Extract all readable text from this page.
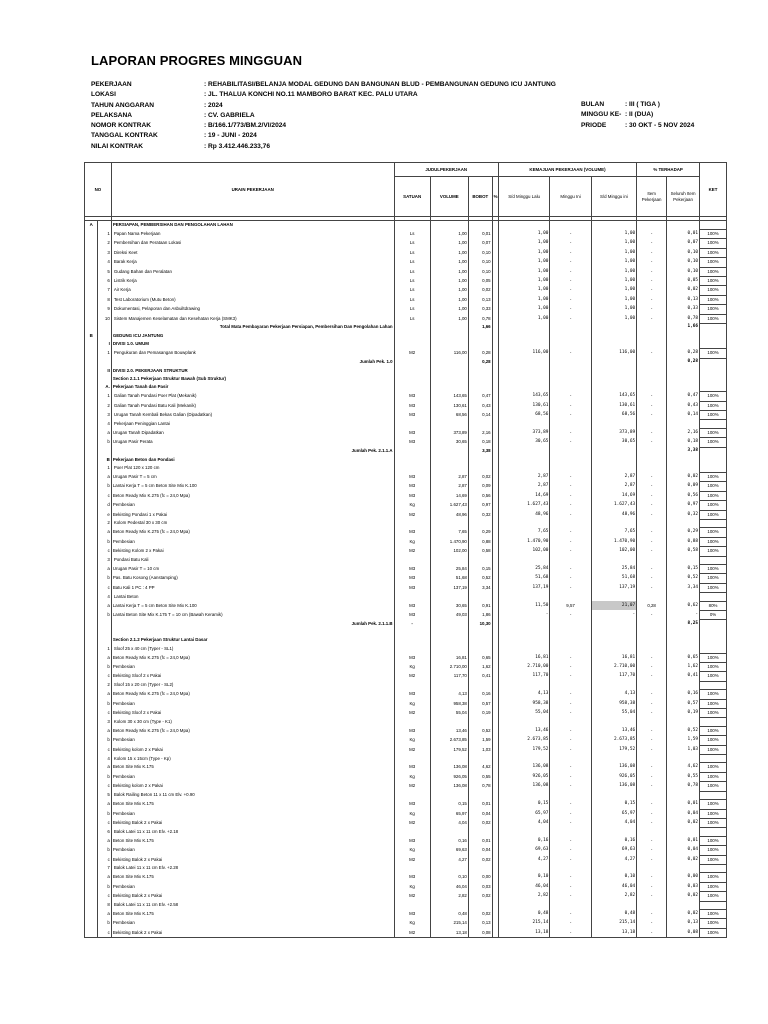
LAPORAN PROGRES MINGGUAN
PEKERJAAN	: REHABILITASI/BELANJA MODAL GEDUNG DAN BANGUNAN BLUD - PEMBANGUNAN GEDUNG ICU JANTUNG
LOKASI	: JL. THALUA KONCHI NO.11 MAMBORO BARAT KEC. PALU UTARA
TAHUN ANGGARAN	: 2024
PELAKSANA	: CV. GABRIELA
NOMOR KONTRAK	: B/166.1/773/BM.2/VI/2024
TANGGAL KONTRAK	: 19 - JUNI - 2024
NILAI KONTRAK	: Rp 3.412.446.233,76
BULAN	: III ( TIGA )
MINGGU KE- : II (DUA)
PRIODE	: 30 OKT - 5 NOV 2024
NO		URAIN PEKERJAAN	JUDULPEKERJAAN				KEMAJUAN PEKERJAAN (VOLUME)			% TERHADAP		KET
			SATUAN	VOLUME	BOBOT	%	S/d Minggu Lalu	Minggu Ini	S/d Minggu ini	Item Pekerjaan	Seluruh Item Pekerjaan	

A		PERSIAPAN, PEMBERSIHAN DAN PENGOLAHAN LAHAN										
	1	Papan Nama Pekerjaan	Ls	1,00	0,01		1,00	-	1,00	-	0,01	100%
	2	Pembersihan dan Perataan Lokasi	Ls	1,00	0,07		1,00	-	1,00	-	0,07	100%
	3	Direksi Keet	Ls	1,00	0,10		1,00	-	1,00	-	0,10	100%
	4	Barak Kerja	Ls	1,00	0,10		1,00	-	1,00	-	0,10	100%
	5	Gudang Bahan dan Peralatan	Ls	1,00	0,10		1,00	-	1,00	-	0,10	100%
	6	Listrik Kerja	Ls	1,00	0,05		1,00	-	1,00	-	0,05	100%
	7	Air Kerja	Ls	1,00	0,02		1,00	-	1,00	-	0,02	100%
	8	Test Laboratorium (Mutu Beton)	Ls	1,00	0,13		1,00	-	1,00	-	0,13	100%
	9	Dokumentasi, Pelaporan dan Asbuiltdrawing	Ls	1,00	0,33		1,00	-	1,00	-	0,33	100%
	10	Sistem Manajemen Keselamatan dan Kesehatan Kerja (SMK3)	Ls	1,00	0,78		1,00	-	1,00	-	0,78	100%
		Total Mata Pembayaran Pekerjaan Persiapan, Pembersihan Dan Pengolahan Lahan			1,66						1,66	
B		GEDUNG ICU JANTUNG										
	I	DIVISI 1.0. UMUM										
	1	Pengukuran dan Pemasangan Bouwplank	M2	116,00	0,28		116,00	-	116,00	-	0,28	100%
		Jumlah Pek. 1.0			0,28						0,28	
	II	DIVISI 2.0. PEKERJAAN STRUKTUR										
		Section 2.1.1 Pekerjaan Struktur Bawah (Sub Struktur)										
	A.	Pekerjaan Tanah dan Pasir										
	1	Galian Tanah Pondasi Poer Plat (Mekanik)	M3	143,65	0,47		143,65	-	143,65	-	0,47	100%
	2	Galian Tanah Pondasi Batu Kali (Mekanik)	M3	130,61	0,43		130,61	-	130,61	-	0,43	100%
	3	Urugan Tanah Kembali Bekas Galian (Dipadatkan)	M3	68,56	0,14		68,56	-	68,56	-	0,14	100%
	4	Pekerjaan Peninggian Lantai										
	a	Urugan Tanah Dipadatkan	M3	373,89	2,16		373,89	-	373,89	-	2,16	100%
	b	Urugan Pasir Perata	M3	30,65	0,18		30,65	-	30,65	-	0,18	100%
		Jumlah Pek. 2.1.1.A			3,38						3,38	
	B	Pekerjaan Beton dan Pondasi										
	1	Poer Plat 120 x 120 cm										
	a	Urugan Pasir T = 5 cm	M3	2,87	0,02		2,87	-	2,87	-	0,02	100%
	b	Lantai Kerja T = 5 cm Beton Site Mix K.100	M3	2,87	0,09		2,87	-	2,87	-	0,09	100%
	c	Beton Ready Mix K.275 (fc = 24,0 Mpa)	M3	14,69	0,56		14,69	-	14,69	-	0,56	100%
	d	Pembesian	Kg	1.627,43	0,97		1.627,43	-	1.627,43	-	0,97	100%
	e	Bekisting Pondasi 1 x Pakai	M2	48,96	0,32		48,96	-	48,96	-	0,32	100%
	2	Kolom Pedestal 30 x 30 cm										
	a	Beton Ready Mix K.275 (fc = 24,0 Mpa)	M3	7,65	0,29		7,65	-	7,65	-	0,29	100%
	b	Pembesian	Kg	1.470,90	0,88		1.470,90	-	1.470,90	-	0,88	100%
	c	Bekisting Kolom 2 x Pakai	M2	102,00	0,58		102,00	-	102,00	-	0,58	100%
	3	Pondasi Batu Kali										
	a	Urugan Pasir T = 10 cm	M3	25,84	0,15		25,84	-	25,84	-	0,15	100%
	b	Pas. Batu Kosong (Aanstamping)	M3	51,68	0,52		51,68	-	51,68	-	0,52	100%
	c	Batu Kali 1 PC : 4 PP	M3	137,19	3,34		137,19	-	137,19	-	3,34	100%
	4	Lantai Beton										
	a	Lantai Kerja T = 5 cm Beton Site Mix K.100	M3	30,65	0,91		11,50	9,57	21,07	0,28	0,62	80%
	b	Lantai Beton Site Mix K.175 T = 10 cm (Bawah Keramik)	M3	49,03	1,86		-	-	-	-	-	0%
		Jumlah Pek. 2.1.1.B	-		10,30						8,25	

		Section 2.1.2 Pekerjaan Struktur Lantai Dasar										
	1	Sloof 25 x 40 cm (Typer - SL1)										
	a	Beton Ready Mix K.275 (fc = 24,0 Mpa)	M3	16,81	0,65		16,81	-	16,81	-	0,65	100%
	b	Pembesian	Kg	2.710,00	1,62		2.710,00	-	2.710,00	-	1,62	100%
	c	Bekisting Sloof 2 x Pakai	M2	117,70	0,41		117,70	-	117,70	-	0,41	100%
	2	Sloof 15 x 20 cm (Typer - SL2)										
	a	Beton Ready Mix K.275 (fc = 24,0 Mpa)	M3	4,13	0,16		4,13	-	4,13	-	0,16	100%
	b	Pembesian	Kg	958,38	0,57		958,38	-	958,38	-	0,57	100%
	c	Bekisting Sloof 2 x Pakai	M2	55,04	0,19		55,04	-	55,04	-	0,19	100%
	3	Kolom 30 x 30 cm (Type - K1)										
	a	Beton Ready Mix K.275 (fc = 24,0 Mpa)	M3	13,46	0,52		13,46	-	13,46	-	0,52	100%
	b	Pembesian	Kg	2.673,85	1,59		2.673,85	-	2.673,85	-	1,59	100%
	c	Bekisting kolom 2 x Pakai	M2	179,52	1,03		179,52	-	179,52	-	1,03	100%
	4	Kolom 15 x 15cm (Type - Kp)										
	a	Beton Site Mix K.175	M3	136,08	4,62		136,08	-	136,08	-	4,62	100%
	b	Pembesian	Kg	926,05	0,55		926,05	-	926,05	-	0,55	100%
	c	Bekisting kolom 2 x Pakai	M2	136,08	0,78		136,08	-	136,08	-	0,78	100%
	5	Balok Railing Beton 11 x 11 cm Elv. +0.90										
	a	Beton Site Mix K.175	M3	0,15	0,01		0,15	-	0,15	-	0,01	100%
	b	Pembesian	Kg	65,97	0,04		65,97	-	65,97	-	0,04	100%
	c	Bekisting Balok 2 x Pakai	M2	4,04	0,02		4,04	-	4,04	-	0,02	100%
	6	Balok Latei 11 x 11 cm Elv. +2.18										
	a	Beton Site Mix K.175	M3	0,16	0,01		0,16	-	0,16	-	0,01	100%
	b	Pembesian	Kg	69,63	0,04		69,63	-	69,63	-	0,04	100%
	c	Bekisting Balok 2 x Pakai	M2	4,27	0,02		4,27	-	4,27	-	0,02	100%
	7	Balok Latei 11 x 11 cm Elv. +2.28										
	a	Beton Site Mix K.175	M3	0,10	0,00		0,10	-	0,10	-	0,00	100%
	b	Pembesian	Kg	46,04	0,03		46,04	-	46,04	-	0,03	100%
	c	Bekisting Balok 2 x Pakai	M2	2,82	0,02		2,82	-	2,82	-	0,02	100%
	8	Balok Latei 11 x 11 cm Elv. +2.58										
	a	Beton Site Mix K.175	M3	0,48	0,02		0,48	-	0,48	-	0,02	100%
	b	Pembesian	Kg	215,14	0,13		215,14	-	215,14	-	0,13	100%
	c	Bekisting Balok 2 x Pakai	M2	13,18	0,08		13,18	-	13,18	-	0,08	100%
